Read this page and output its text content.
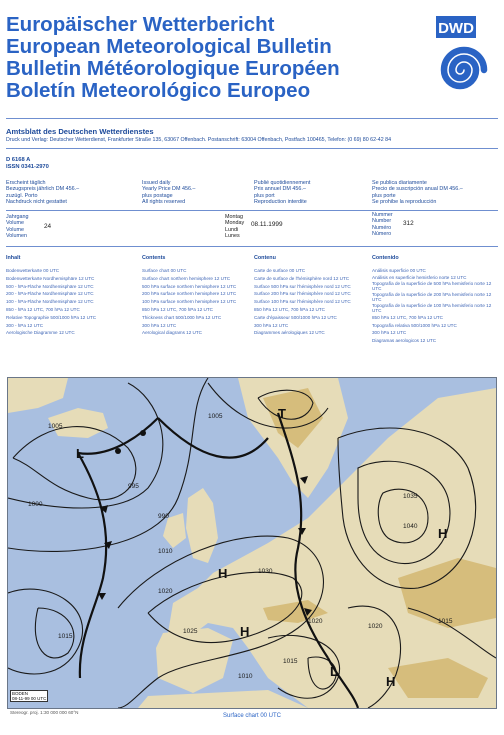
Europäischer Wetterbericht
European Meteorological Bulletin
Bulletin Météorologique Européen
Boletín Meteorológico Europeo
DWD
Amtsblatt des Deutschen Wetterdienstes
Druck und Verlag: Deutscher Wetterdienst, Frankfurter Straße 135, 63067 Offenbach. Postanschrift: 63004 Offenbach, Postfach 100465, Telefon: (0 69) 80 62-42 84
D 6168 A
ISSN 0341-2970
Erscheint täglich
Bezugspreis jährlich DM 456.–
zuzügl. Porto
Nachdruck nicht gestattet
Issued daily
Yearly Price DM 456.–
plus postage
All rights reserved
Publié quotidiennement
Prix annuel DM 456.–
plus port
Reproduction interdite
Se publica diariamente
Precio de suscripción anual DM 456.–
plus porte
Se prohibe la reproducción
Jahrgang
Volume
Volume
Volumen
24
Montag
Monday
Lundi
Lunes
08.11.1999
Nummer
Number
Numéro
Número
312
Inhalt
Bodenwetterkarte 00 UTC
Bodenwetterkarte Nordhemisphäre 12 UTC
500 - hPa-Fläche Nordhemisphäre 12 UTC
200 - hPa-Fläche Nordhemisphäre 12 UTC
100 - hPa-Fläche Nordhemisphäre 12 UTC
850 - hPa 12 UTC, 700 hPa 12 UTC
Relative Topographie 500/1000 hPa 12 UTC
300 - hPa 12 UTC
Aerologische Diagramme 12 UTC
Contents
Surface chart 00 UTC
Surface chart northern hemisphere 12 UTC
500 hPa surface northern hemisphere 12 UTC
200 hPa surface northern hemisphere 12 UTC
100 hPa surface northern hemisphere 12 UTC
850 hPa 12 UTC, 700 hPa 12 UTC
Thickness chart 500/1000 hPa 12 UTC
300 hPa 12 UTC
Aerological diagrams 12 UTC
Contenu
Carte de surface 00 UTC
Carte de surface de l'hémisphère nord 12 UTC
Surface 500 hPa sur l'hémisphère nord 12 UTC
Surface 200 hPa sur l'hémisphère nord 12 UTC
Surface 100 hPa sur l'hémisphère nord 12 UTC
850 hPa 12 UTC, 700 hPa 12 UTC
Carte d'épaisseur 500/1000 hPa 12 UTC
300 hPa 12 UTC
Diagrammes aérologiques 12 UTC
Contenido
Análisis superficie 00 UTC
Análisis en superficie hemisferio norte 12 UTC
Topografía de la superficie de 500 hPa hemisferio norte 12 UTC
Topografía de la superficie de 200 hPa hemisferio norte 12 UTC
Topografía de la superficie de 100 hPa hemisferio norte 12 UTC
850 hPa 12 UTC, 700 hPa 12 UTC
Topografía relativa 500/1000 hPa 12 UTC
300 hPa 12 UTC
Diagramas aerologicos 12 UTC
1005
1000
995
990
1005
1010
1015
1020
1025
1030
1035
1040
1020
1015
1010
1020
1015
L
H
H
H
L
H
T
BODEN
08-11-99 00 UTC
Stereogr. proj. 1:30 000 000 60°N
Surface chart 00 UTC
